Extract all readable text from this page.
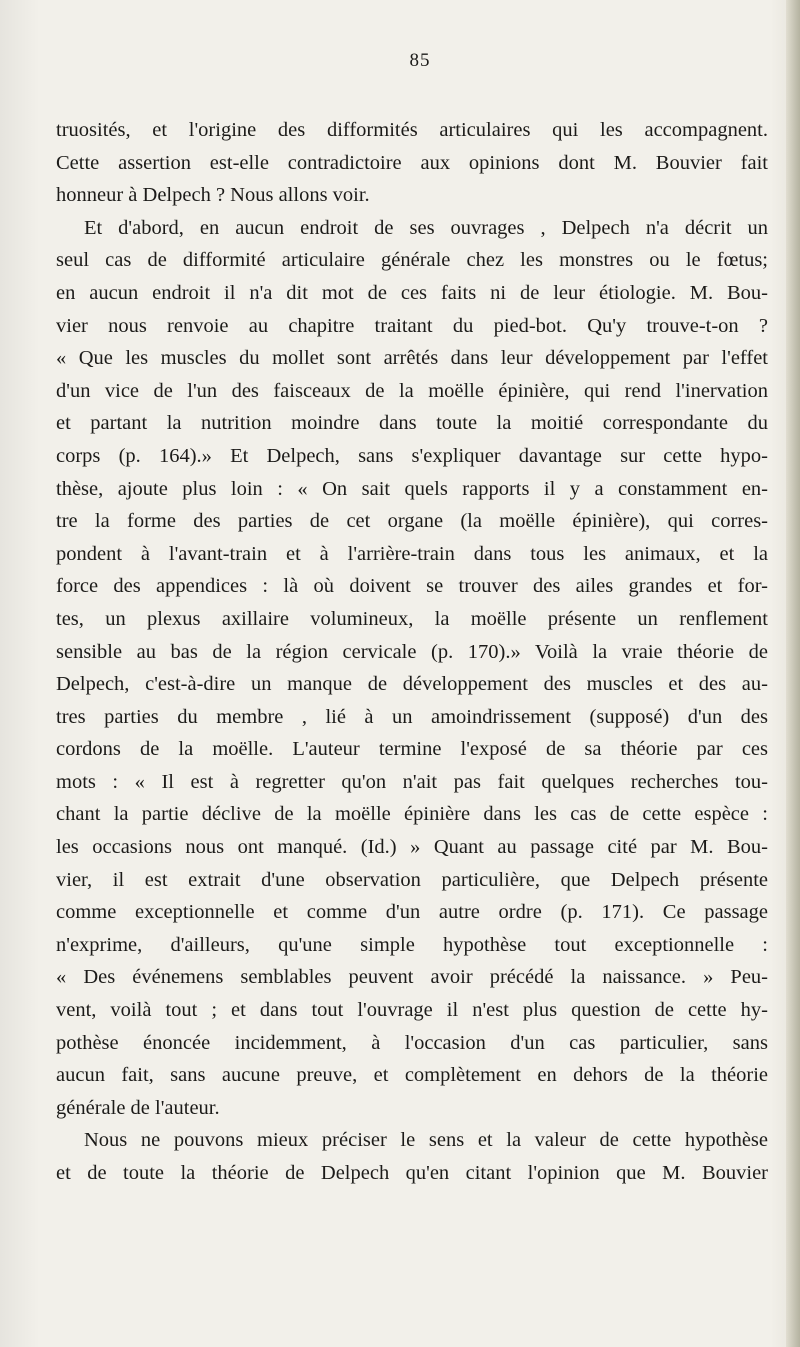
85
truosités, et l'origine des difformités articulaires qui les accompagnent.
Cette assertion est-elle contradictoire aux opinions dont M. Bouvier fait
honneur à Delpech ? Nous allons voir.
Et d'abord, en aucun endroit de ses ouvrages , Delpech n'a décrit un
seul cas de difformité articulaire générale chez les monstres ou le fœtus;
en aucun endroit il n'a dit mot de ces faits ni de leur étiologie. M. Bou-
vier nous renvoie au chapitre traitant du pied-bot. Qu'y trouve-t-on ?
« Que les muscles du mollet sont arrêtés dans leur développement par l'effet
d'un vice de l'un des faisceaux de la moëlle épinière, qui rend l'inervation
et partant la nutrition moindre dans toute la moitié correspondante du
corps (p. 164).» Et Delpech, sans s'expliquer davantage sur cette hypo-
thèse, ajoute plus loin : « On sait quels rapports il y a constamment en-
tre la forme des parties de cet organe (la moëlle épinière), qui corres-
pondent à l'avant-train et à l'arrière-train dans tous les animaux, et la
force des appendices : là où doivent se trouver des ailes grandes et for-
tes, un plexus axillaire volumineux, la moëlle présente un renflement
sensible au bas de la région cervicale (p. 170).» Voilà la vraie théorie de
Delpech, c'est-à-dire un manque de développement des muscles et des au-
tres parties du membre , lié à un amoindrissement (supposé) d'un des
cordons de la moëlle. L'auteur termine l'exposé de sa théorie par ces
mots : « Il est à regretter qu'on n'ait pas fait quelques recherches tou-
chant la partie déclive de la moëlle épinière dans les cas de cette espèce :
les occasions nous ont manqué. (Id.) » Quant au passage cité par M. Bou-
vier, il est extrait d'une observation particulière, que Delpech présente
comme exceptionnelle et comme d'un autre ordre (p. 171). Ce passage
n'exprime, d'ailleurs, qu'une simple hypothèse tout exceptionnelle :
« Des événemens semblables peuvent avoir précédé la naissance. » Peu-
vent, voilà tout ; et dans tout l'ouvrage il n'est plus question de cette hy-
pothèse énoncée incidemment, à l'occasion d'un cas particulier, sans
aucun fait, sans aucune preuve, et complètement en dehors de la théorie
générale de l'auteur.
Nous ne pouvons mieux préciser le sens et la valeur de cette hypothèse
et de toute la théorie de Delpech qu'en citant l'opinion que M. Bouvier
